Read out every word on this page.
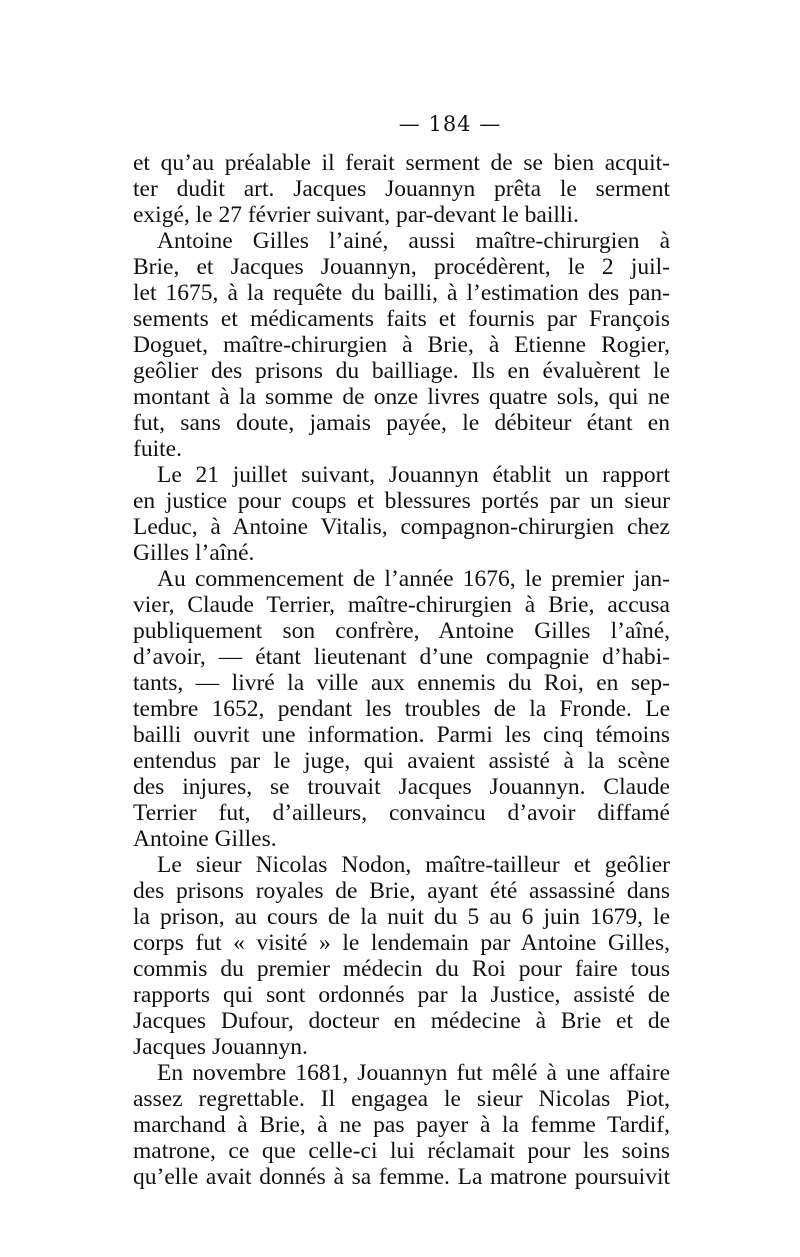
— 184 —
et qu’au préalable il ferait serment de se bien acquit-
ter dudit art. Jacques Jouannyn prêta le serment
exigé, le 27 février suivant, par-devant le bailli.
Antoine Gilles l’ainé, aussi maître-chirurgien à
Brie, et Jacques Jouannyn, procédèrent, le 2 juil-
let 1675, à la requête du bailli, à l’estimation des pan-
sements et médicaments faits et fournis par François
Doguet, maître-chirurgien à Brie, à Etienne Rogier,
geôlier des prisons du bailliage. Ils en évaluèrent le
montant à la somme de onze livres quatre sols, qui ne
fut, sans doute, jamais payée, le débiteur étant en
fuite.
Le 21 juillet suivant, Jouannyn établit un rapport
en justice pour coups et blessures portés par un sieur
Leduc, à Antoine Vitalis, compagnon-chirurgien chez
Gilles l’aîné.
Au commencement de l’année 1676, le premier jan-
vier, Claude Terrier, maître-chirurgien à Brie, accusa
publiquement son confrère, Antoine Gilles l’aîné,
d’avoir, — étant lieutenant d’une compagnie d’habi-
tants, — livré la ville aux ennemis du Roi, en sep-
tembre 1652, pendant les troubles de la Fronde. Le
bailli ouvrit une information. Parmi les cinq témoins
entendus par le juge, qui avaient assisté à la scène
des injures, se trouvait Jacques Jouannyn. Claude
Terrier fut, d’ailleurs, convaincu d’avoir diffamé
Antoine Gilles.
Le sieur Nicolas Nodon, maître-tailleur et geôlier
des prisons royales de Brie, ayant été assassiné dans
la prison, au cours de la nuit du 5 au 6 juin 1679, le
corps fut « visité » le lendemain par Antoine Gilles,
commis du premier médecin du Roi pour faire tous
rapports qui sont ordonnés par la Justice, assisté de
Jacques Dufour, docteur en médecine à Brie et de
Jacques Jouannyn.
En novembre 1681, Jouannyn fut mêlé à une affaire
assez regrettable. Il engagea le sieur Nicolas Piot,
marchand à Brie, à ne pas payer à la femme Tardif,
matrone, ce que celle-ci lui réclamait pour les soins
qu’elle avait donnés à sa femme. La matrone poursuivit
